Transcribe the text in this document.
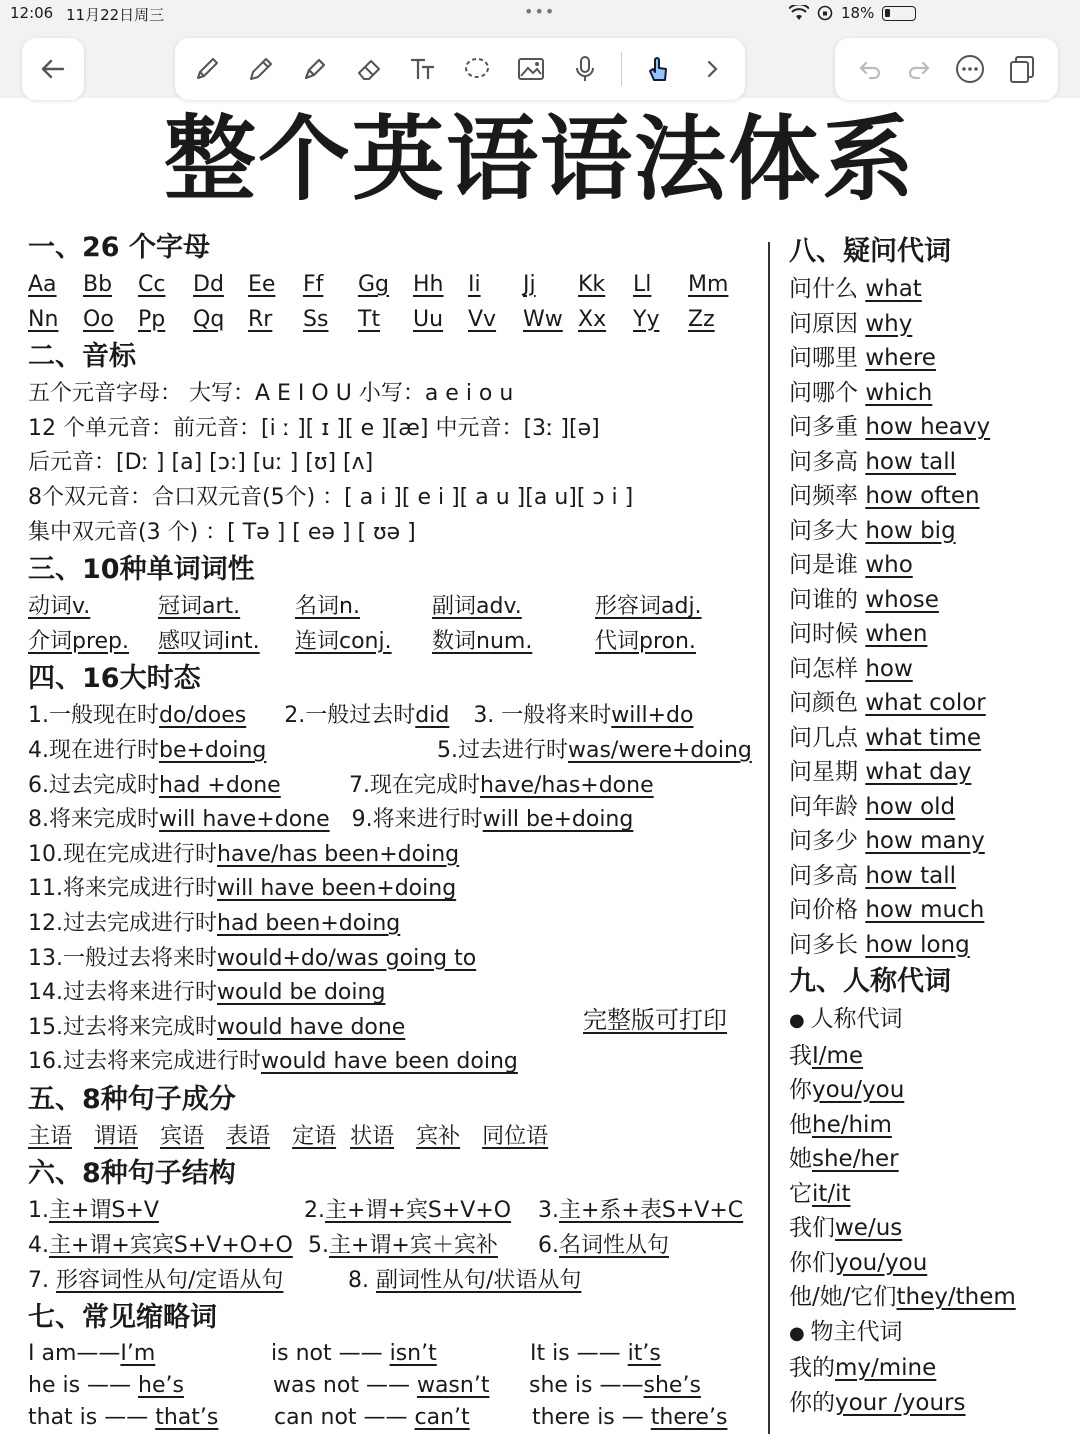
12:06 11月22日周三	•••	18%
整个英语语法体系
一、26 个字母
Aa	Bb	Cc	Dd	Ee	Ff	Gg	Hh	Ii	Jj	Kk	Ll	Mm
Nn	Oo	Pp	Qq	Rr	Ss	Tt	Uu	Vv	Ww Xx	Yy	Zz
二、音标
五个元音字母： 大写：A E I O U 小写：a e i o u
12 个单元音：前元音：[i ː ][ ɪ ][ e ][æ] 中元音：[3ː ][ə]
后元音：[Dː ] [a] [ɔ:] [uː ] [ʊ] [ʌ]
8个双元音：合口双元音(5个) ：[ a i ][ e i ][ a u ][a u][ ɔ i ]
集中双元音(3 个) ：[ Tə ] [ eə ] [ ʊə ]
三、10种单词词性
动词v.	冠词art.	名词n.	副词adv.	形容词adj.
介词prep.	感叹词int.	连词conj.	数词num.	代词pron.
四、16大时态
1.一般现在时 do/does 2.一般过去时 did 3. 一般将来时 will+do
4.现在进行时 be+doing	5.过去进行时 was/were+doing
6.过去完成时 had +done	7.现在完成时 have/has+done
8.将来完成时 will have+done 9.将来进行时 will be+doing
10.现在完成进行时 have/has been+doing
11.将来完成进行时 will have been+doing
12.过去完成进行时 had been+doing
13.一般过去将来时 would+do/was going to
14.过去将来进行时 would be doing
15.过去将来完成时 would have done
16.过去将来完成进行时 would have been doing
五、8种句子成分
主语 谓语 宾语 表语 定语 状语 宾补 同位语
六、8种句子结构
1.主+谓S+V	2.主+谓+宾S+V+O	3.主+系+表S+V+C
4.主+谓+宾宾S+V+O+O 5.主+谓+宾＋宾补	6.名词性从句
7. 形容词性从句/定语从句	8. 副词性从句/状语从句
七、常见缩略词
I am——I’m	is not —— isn’t	It is —— it’s
he is —— he’s	was not —— wasn’t	she is ——she’s
that is —— that’s	can not —— can’t	there is — there’s
完整版可打印
八、疑问代词
问什么 what
问原因 why
问哪里 where
问哪个 which
问多重 how heavy
问多高 how tall
问频率 how often
问多大 how big
问是谁 who
问谁的 whose
问时候 when
问怎样 how
问颜色 what color
问几点 what time
问星期 what day
问年龄 how old
问多少 how many
问多高 how tall
问价格 how much
问多长 how long
九、人称代词
● 人称代词
我I/me
你you/you
他he/him
她she/her
它it/it
我们we/us
你们you/you
他/她/它们they/them
● 物主代词
我的my/mine
你的your /yours
